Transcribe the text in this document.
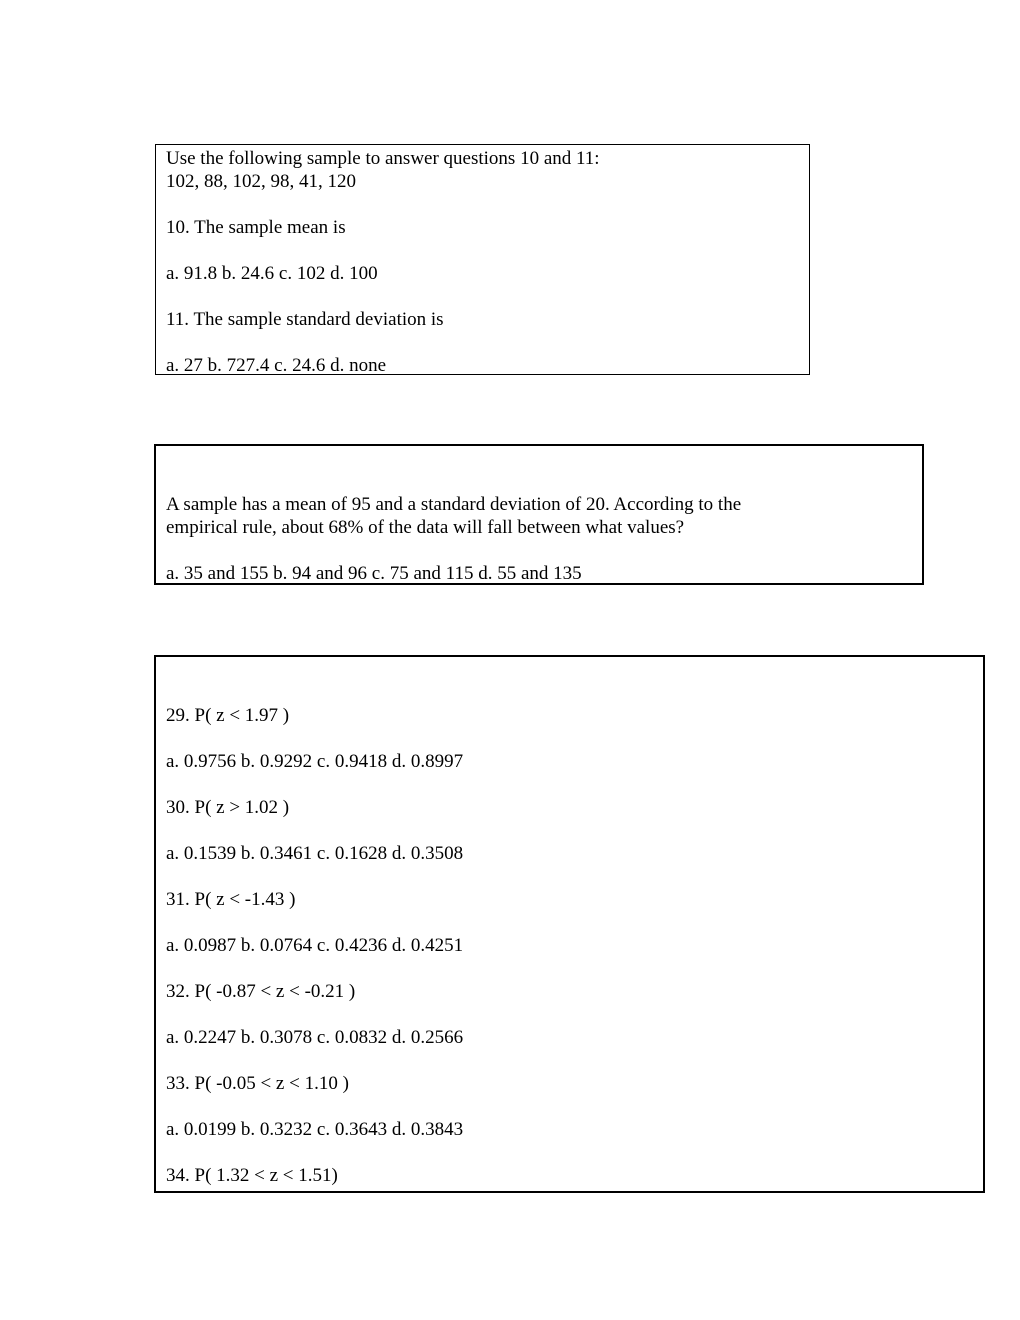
Use the following sample to answer questions 10 and 11:
102, 88, 102, 98, 41, 120
10. The sample mean is
a. 91.8 b. 24.6 c. 102 d. 100
11. The sample standard deviation is
a. 27 b. 727.4 c. 24.6 d. none
A sample has a mean of 95 and a standard deviation of 20. According to the
empirical rule, about 68% of the data will fall between what values?
a. 35 and 155 b. 94 and 96 c. 75 and 115 d. 55 and 135
29. P( z < 1.97 )
a. 0.9756 b. 0.9292 c. 0.9418 d. 0.8997
30. P( z > 1.02 )
a. 0.1539 b. 0.3461 c. 0.1628 d. 0.3508
31. P( z < -1.43 )
a. 0.0987 b. 0.0764 c. 0.4236 d. 0.4251
32. P( -0.87 < z < -0.21 )
a. 0.2247 b. 0.3078 c. 0.0832 d. 0.2566
33. P( -0.05 < z < 1.10 )
a. 0.0199 b. 0.3232 c. 0.3643 d. 0.3843
34. P( 1.32 < z < 1.51)
